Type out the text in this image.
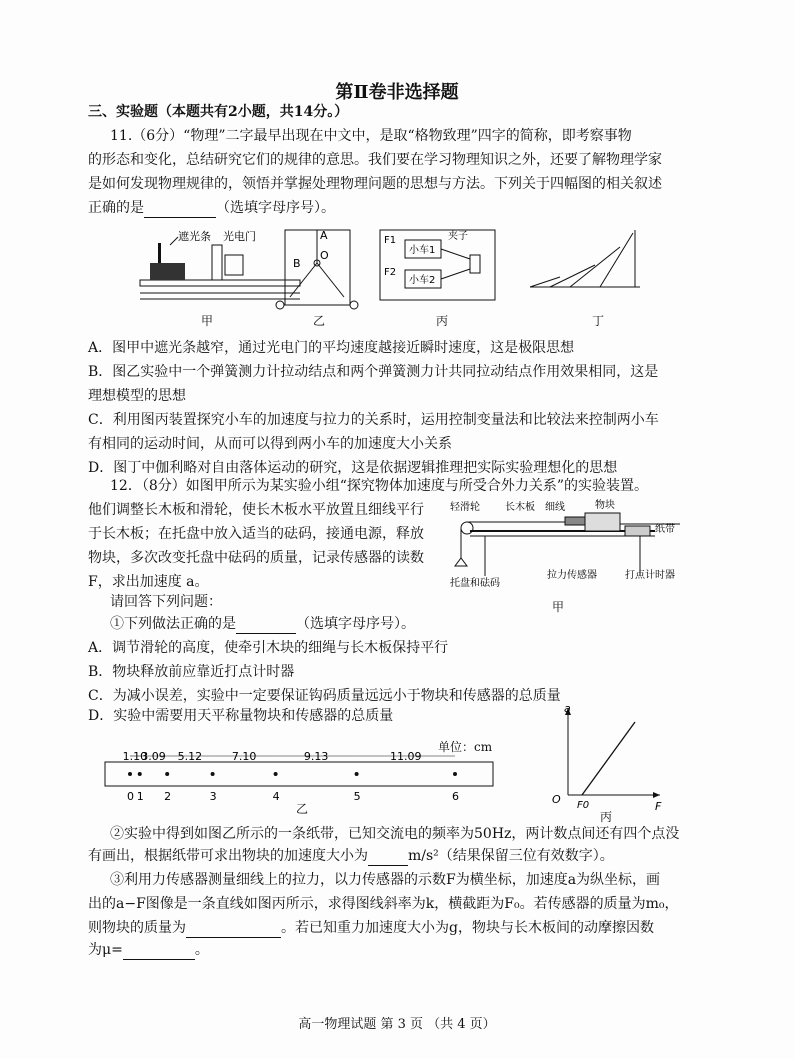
第Ⅱ卷非选择题
三、实验题（本题共有2小题，共14分。）
11.（6分）“物理”二字最早出现在中文中，是取“格物致理”四字的简称，即考察事物
的形态和变化，总结研究它们的规律的意思。我们要在学习物理知识之外，还要了解物理学家
是如何发现物理规律的，领悟并掌握处理物理问题的思想与方法。下列关于四幅图的相关叙述
正确的是	（选填字母序号）。
遮光条 光电门	A
B
O	小车1
小车2
F1
F2
夹子
甲	乙	丙	丁
A．图甲中遮光条越窄，通过光电门的平均速度越接近瞬时速度，这是极限思想
B．图乙实验中一个弹簧测力计拉动结点和两个弹簧测力计共同拉动结点作用效果相同，这是
理想模型的思想
C．利用图丙装置探究小车的加速度与拉力的关系时，运用控制变量法和比较法来控制两小车
有相同的运动时间，从而可以得到两小车的加速度大小关系
D．图丁中伽利略对自由落体运动的研究，这是依据逻辑推理把实际实验理想化的思想
12．（8分）如图甲所示为某实验小组“探究物体加速度与所受合外力关系”的实验装置。
他们调整长木板和滑轮，使长木板水平放置且细线平行
于长木板；在托盘中放入适当的砝码，接通电源，释放
物块，多次改变托盘中砝码的质量，记录传感器的读数
F，求出加速度 a。
轻滑轮	长木板 细线	物块
纸带
托盘和砝码
拉力传感器	打点计时器
甲
请回答下列问题：
①下列做法正确的是	（选填字母序号）。
A．调节滑轮的高度，使牵引木块的细绳与长木板保持平行
B．物块释放前应靠近打点计时器
C．为减小误差，实验中一定要保证钩码质量远远小于物块和传感器的总质量
D．实验中需要用天平称量物块和传感器的总质量
单位：cm
0 1 2	3	4	5	6
1.10
3.09 5.12	7.10	9.13	11.09
乙
a
F
O F0
丙
②实验中得到如图乙所示的一条纸带，已知交流电的频率为50Hz，两计数点间还有四个点没
有画出，根据纸带可求出物块的加速度大小为	m/s²（结果保留三位有效数字）。
③利用力传感器测量细线上的拉力，以力传感器的示数F为横坐标，加速度a为纵坐标，画
出的a−F图像是一条直线如图丙所示，求得图线斜率为k，横截距为F₀。若传感器的质量为m₀，
则物块的质量为	。若已知重力加速度大小为g，物块与长木板间的动摩擦因数
为μ=	。
高一物理试题 第 3 页 （共 4 页）
